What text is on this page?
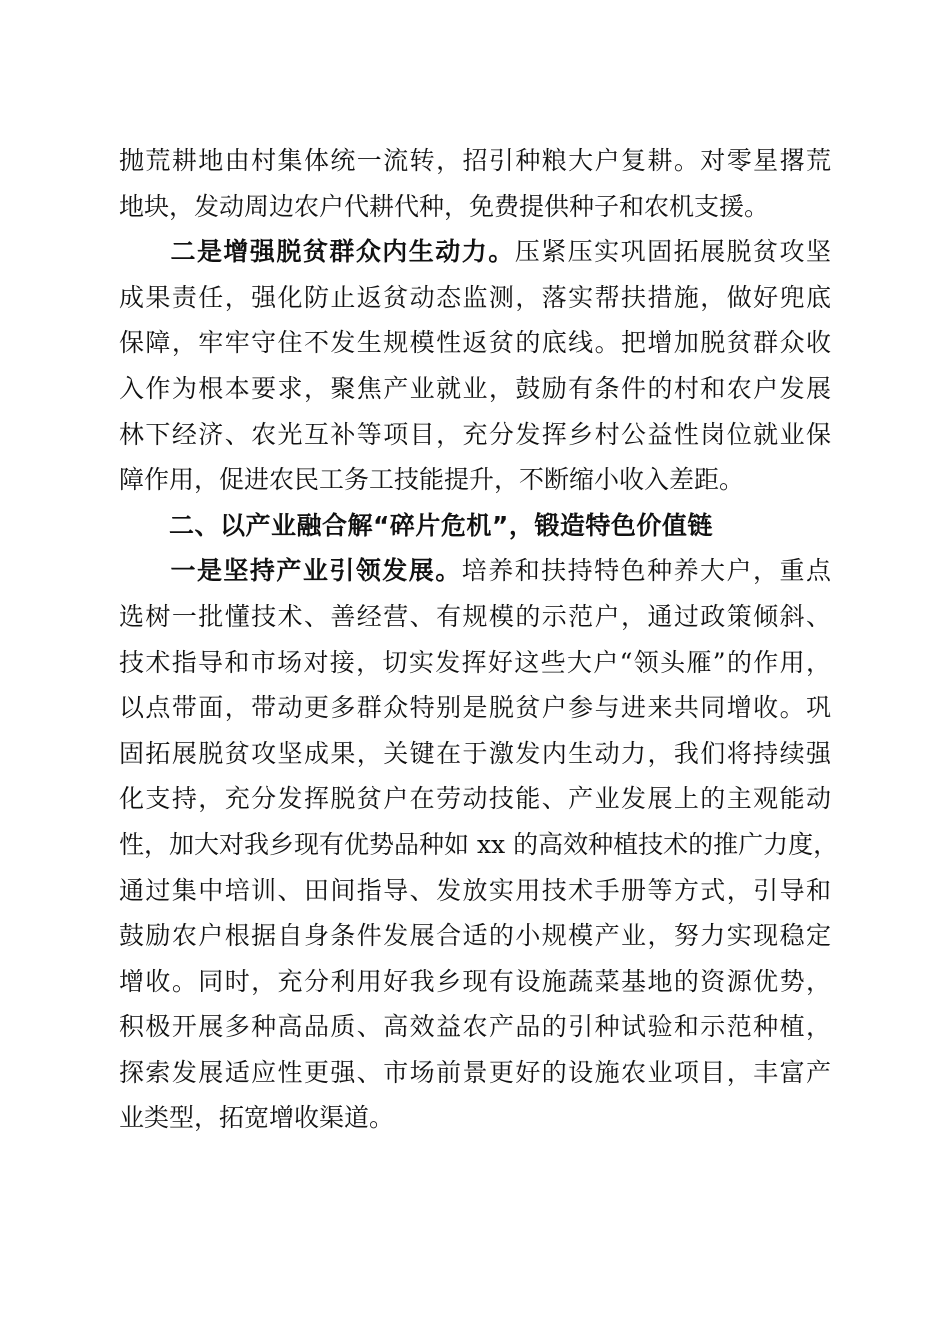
抛荒耕地由村集体统一流转，招引种粮大户复耕。对零星撂荒
地块，发动周边农户代耕代种，免费提供种子和农机支援。
二是增强脱贫群众内生动力。压紧压实巩固拓展脱贫攻坚
成果责任，强化防止返贫动态监测，落实帮扶措施，做好兜底
保障，牢牢守住不发生规模性返贫的底线。把增加脱贫群众收
入作为根本要求，聚焦产业就业，鼓励有条件的村和农户发展
林下经济、农光互补等项目，充分发挥乡村公益性岗位就业保
障作用，促进农民工务工技能提升，不断缩小收入差距。
二、以产业融合解“碎片危机”，锻造特色价值链
一是坚持产业引领发展。培养和扶持特色种养大户，重点
选树一批懂技术、善经营、有规模的示范户，通过政策倾斜、
技术指导和市场对接，切实发挥好这些大户“领头雁”的作用，
以点带面，带动更多群众特别是脱贫户参与进来共同增收。巩
固拓展脱贫攻坚成果，关键在于激发内生动力，我们将持续强
化支持，充分发挥脱贫户在劳动技能、产业发展上的主观能动
性，加大对我乡现有优势品种如 xx 的高效种植技术的推广力度，
通过集中培训、田间指导、发放实用技术手册等方式，引导和
鼓励农户根据自身条件发展合适的小规模产业，努力实现稳定
增收。同时，充分利用好我乡现有设施蔬菜基地的资源优势，
积极开展多种高品质、高效益农产品的引种试验和示范种植，
探索发展适应性更强、市场前景更好的设施农业项目，丰富产
业类型，拓宽增收渠道。
